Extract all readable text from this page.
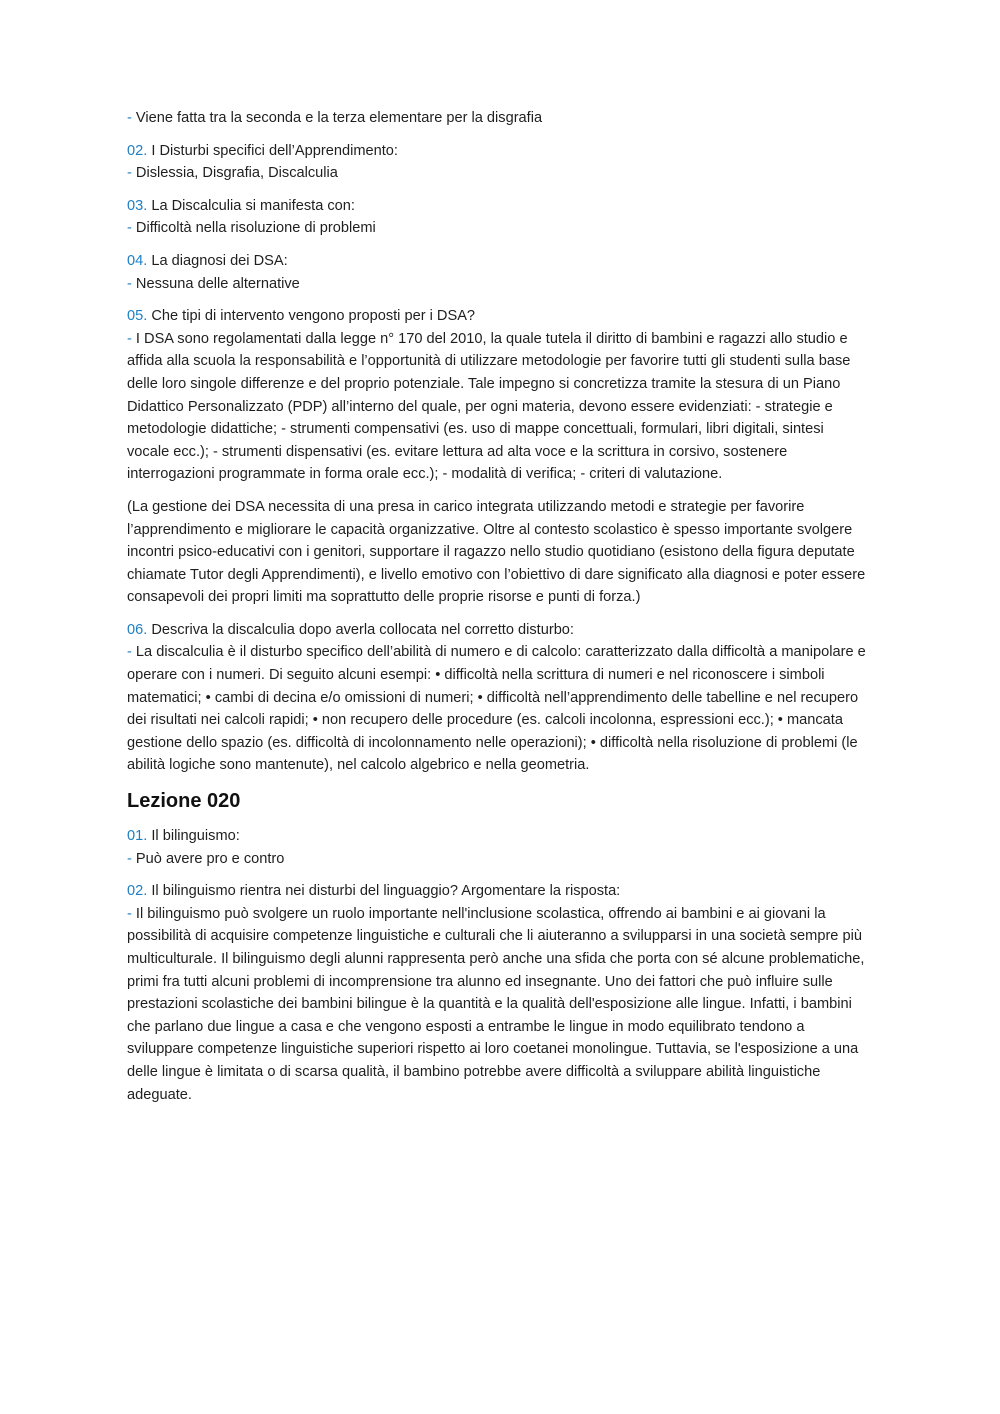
- Viene fatta tra la seconda e la terza elementare per la disgrafia

02. I Disturbi specifici dell’Apprendimento:

- Dislessia, Disgrafia, Discalculia

03. La Discalculia si manifesta con:

- Difficoltà nella risoluzione di problemi

04. La diagnosi dei DSA:

- Nessuna delle alternative

05. Che tipi di intervento vengono proposti per i DSA?

- I DSA sono regolamentati dalla legge n° 170 del 2010, la quale tutela il diritto di bambini e ragazzi allo studio e affida alla scuola la responsabilità e l’opportunità di utilizzare metodologie per favorire tutti gli studenti sulla base delle loro singole differenze e del proprio potenziale. Tale impegno si concretizza tramite la stesura di un Piano Didattico Personalizzato (PDP) all’interno del quale, per ogni materia, devono essere evidenziati: - strategie e metodologie didattiche; - strumenti compensativi (es. uso di mappe concettuali, formulari, libri digitali, sintesi vocale ecc.); - strumenti dispensativi (es. evitare lettura ad alta voce e la scrittura in corsivo, sostenere interrogazioni programmate in forma orale ecc.); - modalità di verifica; - criteri di valutazione.

(La gestione dei DSA necessita di una presa in carico integrata utilizzando metodi e strategie per favorire l’apprendimento e migliorare le capacità organizzative. Oltre al contesto scolastico è spesso importante svolgere incontri psico-educativi con i genitori, supportare il ragazzo nello studio quotidiano (esistono della figura deputate chiamate Tutor degli Apprendimenti), e livello emotivo con l’obiettivo di dare significato alla diagnosi e poter essere consapevoli dei propri limiti ma soprattutto delle proprie risorse e punti di forza.)

06. Descriva la discalculia dopo averla collocata nel corretto disturbo:

- La discalculia è il disturbo specifico dell’abilità di numero e di calcolo: caratterizzato dalla difficoltà a manipolare e operare con i numeri. Di seguito alcuni esempi: • difficoltà nella scrittura di numeri e nel riconoscere i simboli matematici; • cambi di decina e/o omissioni di numeri; • difficoltà nell’apprendimento delle tabelline e nel recupero dei risultati nei calcoli rapidi; • non recupero delle procedure (es. calcoli incolonna, espressioni ecc.); • mancata gestione dello spazio (es. difficoltà di incolonnamento nelle operazioni); • difficoltà nella risoluzione di problemi (le abilità logiche sono mantenute), nel calcolo algebrico e nella geometria.

Lezione 020

01. Il bilinguismo:

- Può avere pro e contro

02. Il bilinguismo rientra nei disturbi del linguaggio? Argomentare la risposta:

- Il bilinguismo può svolgere un ruolo importante nell'inclusione scolastica, offrendo ai bambini e ai giovani la possibilità di acquisire competenze linguistiche e culturali che li aiuteranno a svilupparsi in una società sempre più multiculturale. Il bilinguismo degli alunni rappresenta però anche una sfida che porta con sé alcune problematiche, primi fra tutti alcuni problemi di incomprensione tra alunno ed insegnante. Uno dei fattori che può influire sulle prestazioni scolastiche dei bambini bilingue è la quantità e la qualità dell'esposizione alle lingue. Infatti, i bambini che parlano due lingue a casa e che vengono esposti a entrambe le lingue in modo equilibrato tendono a sviluppare competenze linguistiche superiori rispetto ai loro coetanei monolingue. Tuttavia, se l'esposizione a una delle lingue è limitata o di scarsa qualità, il bambino potrebbe avere difficoltà a sviluppare abilità linguistiche adeguate.
